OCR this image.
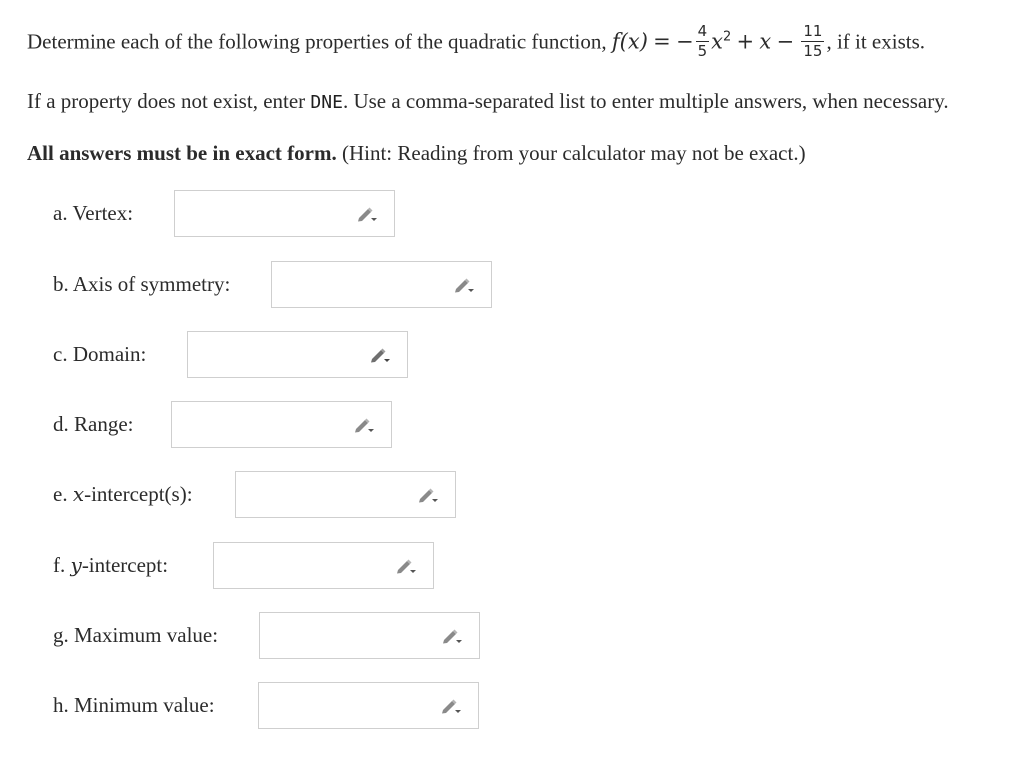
Determine each of the following properties of the quadratic function, f(x) = − $\frac{4}{5} x^2 + x - \frac{11}{15}$ , if it exists.
If a property does not exist, enter DNE. Use a comma-separated list to enter multiple answers, when necessary.
All answers must be in exact form. (Hint: Reading from your calculator may not be exact.)
a. Vertex:
b. Axis of symmetry:
c. Domain:
d. Range:
e. x-intercept(s):
f. y-intercept:
g. Maximum value:
h. Minimum value:
